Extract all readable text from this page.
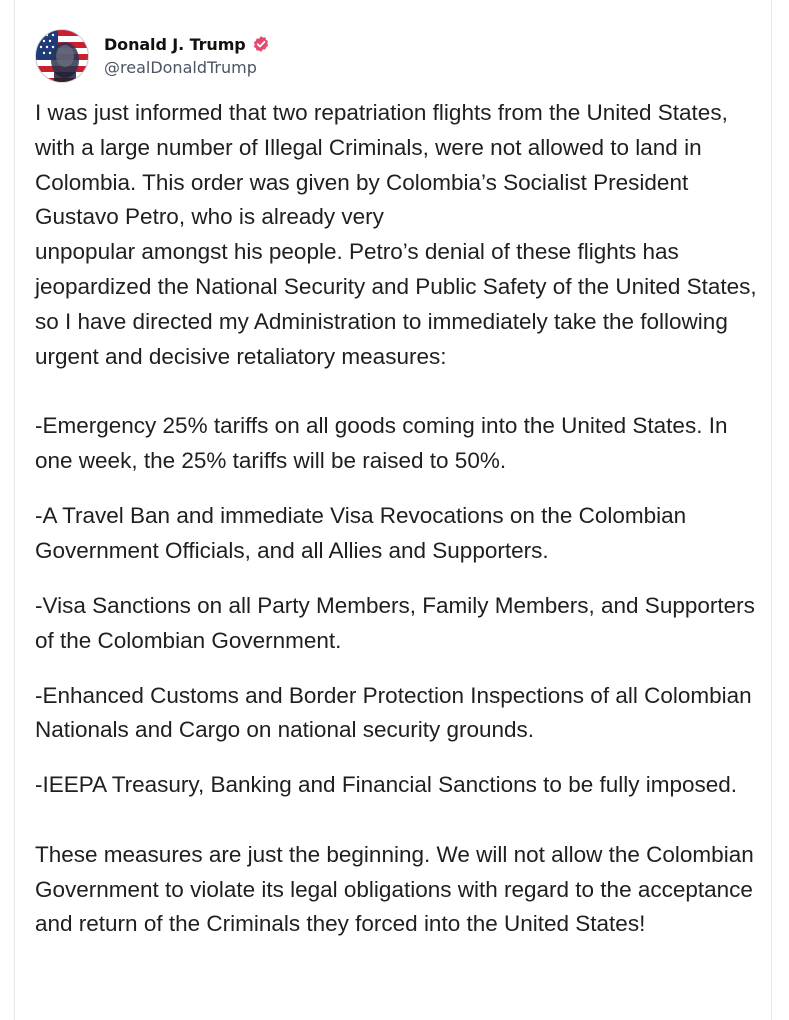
Donald J. Trump
@realDonaldTrump

I was just informed that two repatriation flights from the United States, with a large number of Illegal Criminals, were not allowed to land in Colombia. This order was given by Colombia’s Socialist President Gustavo Petro, who is already very

unpopular amongst his people. Petro’s denial of these flights has jeopardized the National Security and Public Safety of the United States, so I have directed my Administration to immediately take the following urgent and decisive retaliatory measures:

-Emergency 25% tariffs on all goods coming into the United States. In one week, the 25% tariffs will be raised to 50%.

-A Travel Ban and immediate Visa Revocations on the Colombian Government Officials, and all Allies and Supporters.

-Visa Sanctions on all Party Members, Family Members, and Supporters of the Colombian Government.

-Enhanced Customs and Border Protection Inspections of all Colombian Nationals and Cargo on national security grounds.

-IEEPA Treasury, Banking and Financial Sanctions to be fully imposed.

These measures are just the beginning. We will not allow the Colombian Government to violate its legal obligations with regard to the acceptance and return of the Criminals they forced into the United States!
